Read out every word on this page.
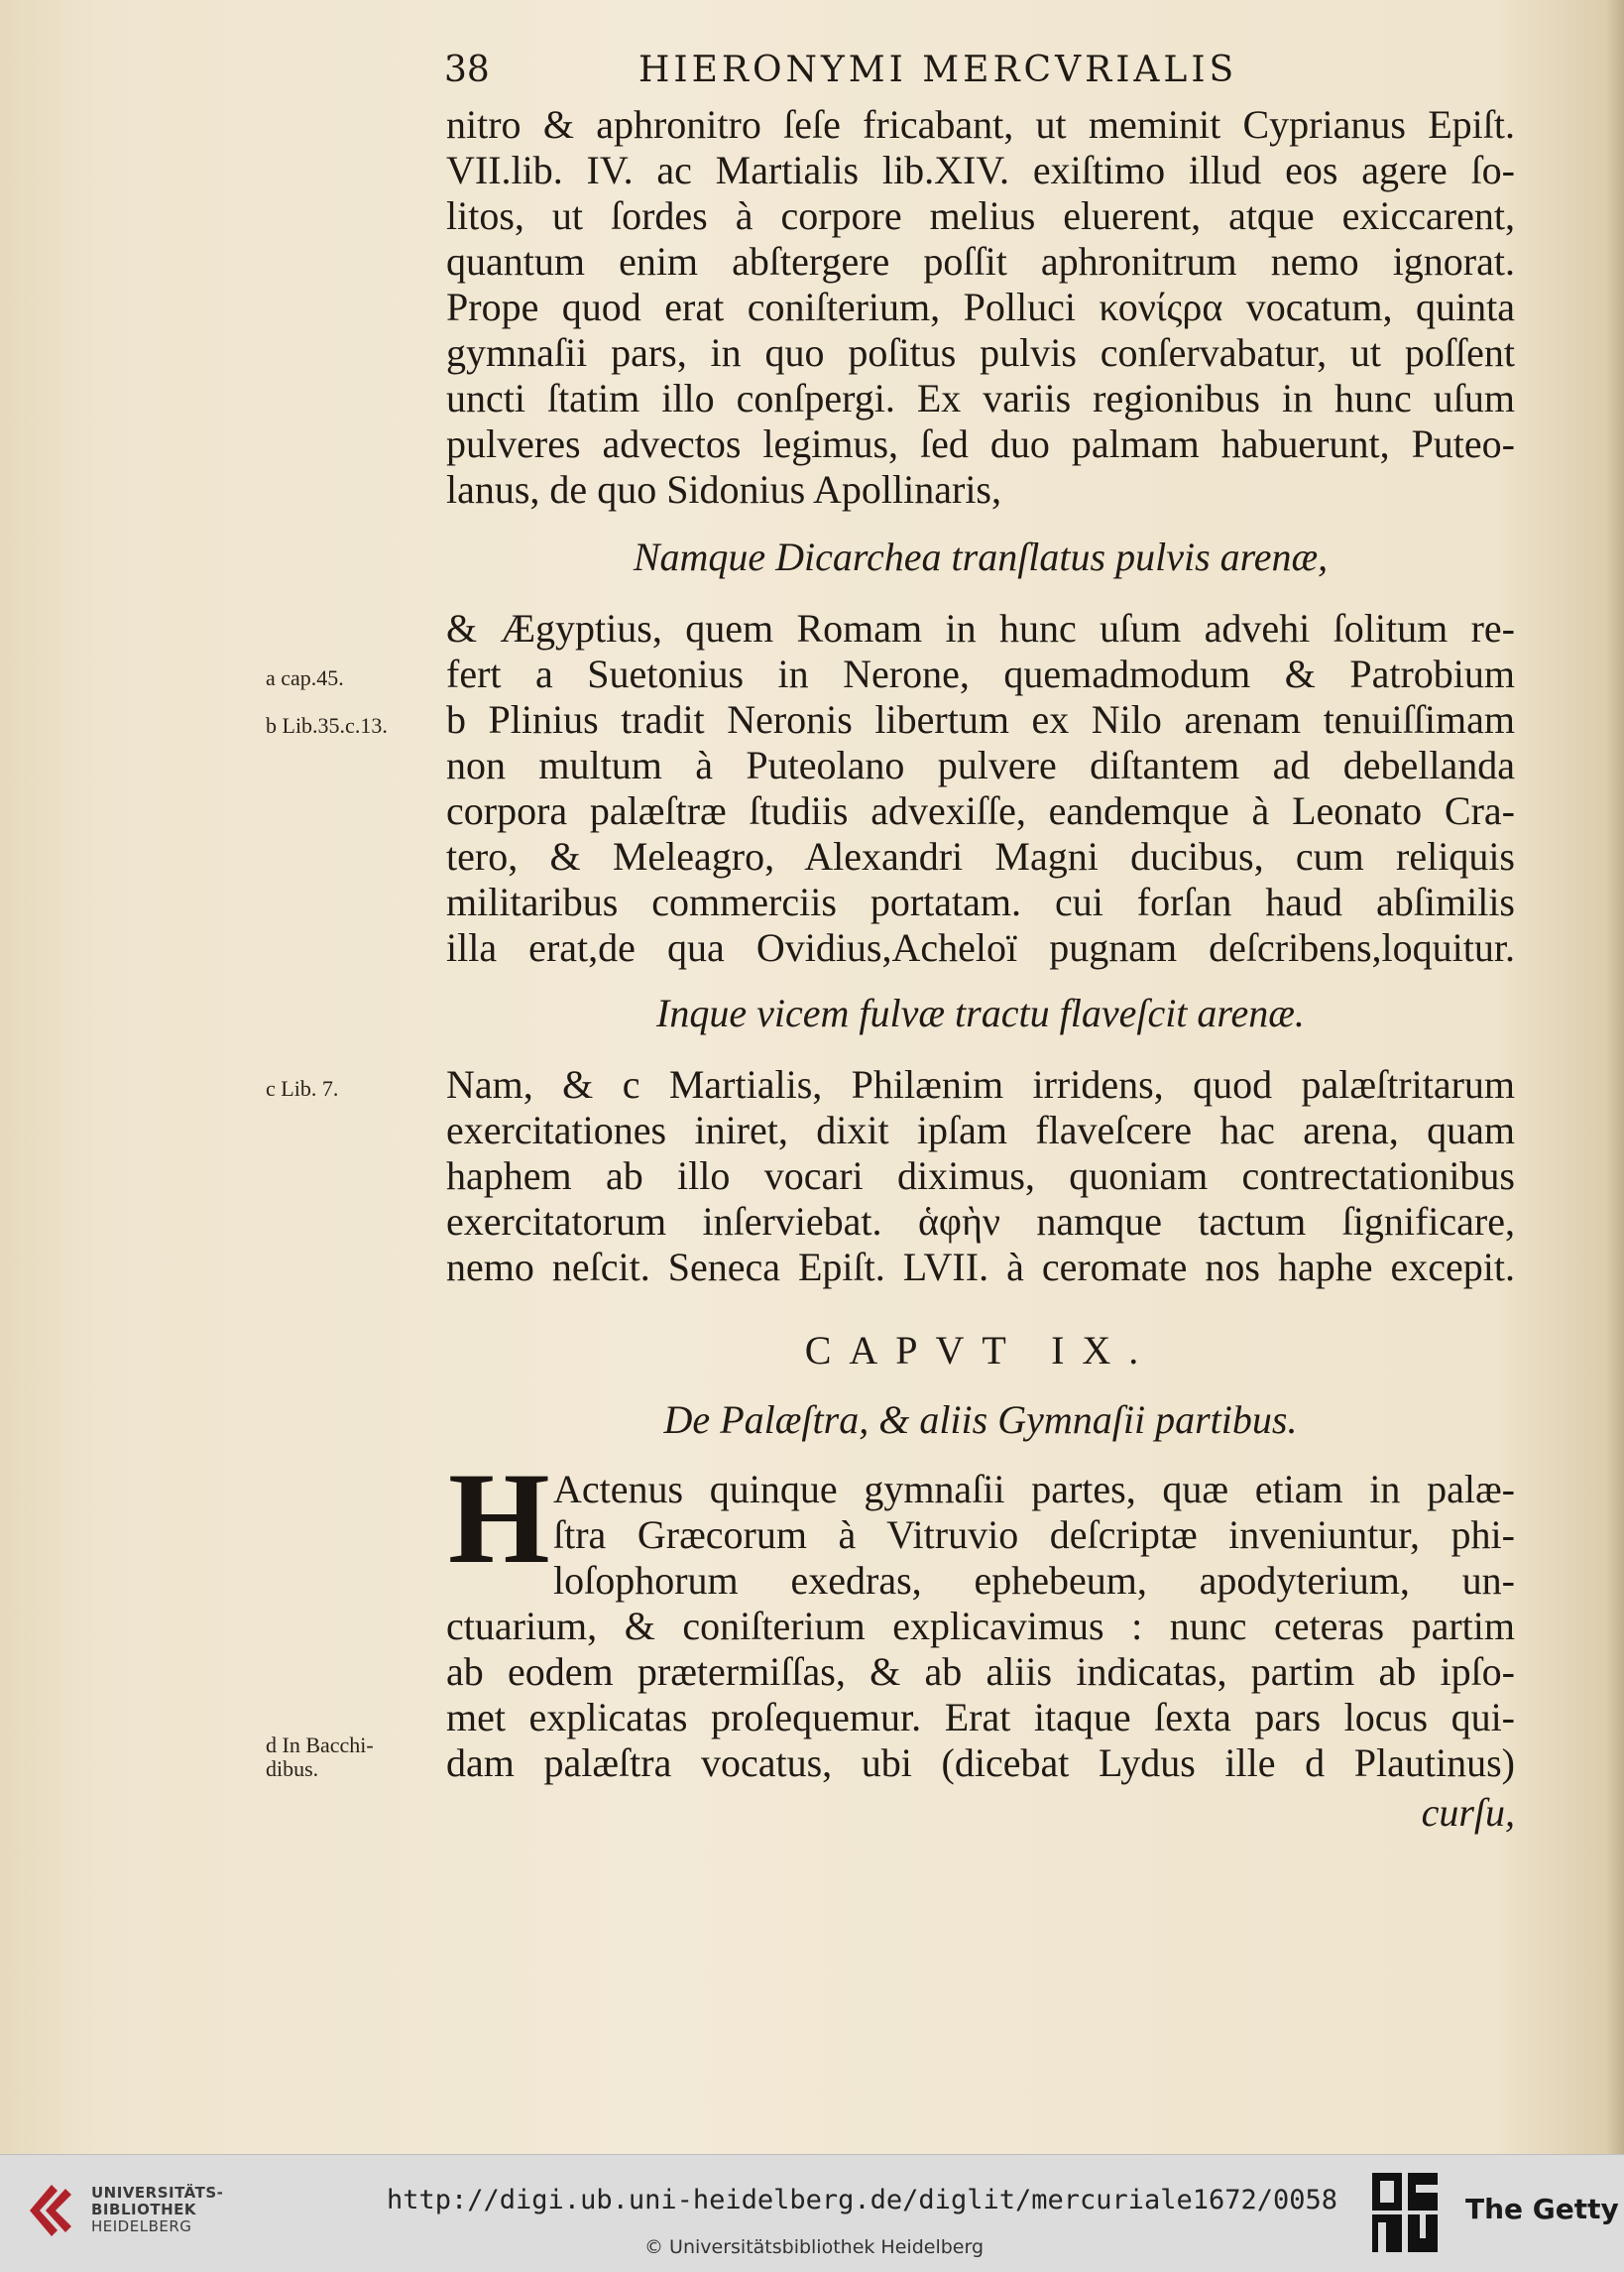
38	HIERONYMI MERCVRIALIS
nitro & aphronitro ſeſe fricabant, ut meminit Cyprianus Epiſt.
VII.lib. IV. ac Martialis lib.XIV. exiſtimo illud eos agere ſo-
litos, ut ſordes à corpore melius eluerent, atque exiccarent,
quantum enim abſtergere poſſit aphronitrum nemo ignorat.
Prope quod erat coniſterium, Polluci κονίςρα vocatum, quinta
gymnaſii pars, in quo poſitus pulvis conſervabatur, ut poſſent
uncti ſtatim illo conſpergi. Ex variis regionibus in hunc uſum
pulveres advectos legimus, ſed duo palmam habuerunt, Puteo-
lanus, de quo Sidonius Apollinaris,
Namque Dicarchea tranſlatus pulvis arenæ,
& Ægyptius, quem Romam in hunc uſum advehi ſolitum re-
fert a Suetonius in Nerone, quemadmodum & Patrobium
b Plinius tradit Neronis libertum ex Nilo arenam tenuiſſimam
non multum à Puteolano pulvere diſtantem ad debellanda
corpora palæſtræ ſtudiis advexiſſe, eandemque à Leonato Cra-
tero, & Meleagro, Alexandri Magni ducibus, cum reliquis
militaribus commerciis portatam. cui forſan haud abſimilis
illa erat,de qua Ovidius,Acheloï pugnam deſcribens,loquitur.
Inque vicem fulvæ tractu flaveſcit arenæ.
Nam, & c Martialis, Philænim irridens, quod palæſtritarum
exercitationes iniret, dixit ipſam flaveſcere hac arena, quam
haphem ab illo vocari diximus, quoniam contrectationibus
exercitatorum inſerviebat. ἁφὴν namque tactum ſignificare,
nemo neſcit. Seneca Epiſt. LVII. à ceromate nos haphe excepit.
CAPVT IX.
De Palæſtra, & aliis Gymnaſii partibus.
Actenus quinque gymnaſii partes, quæ etiam in palæ-
ſtra Græcorum à Vitruvio deſcriptæ inveniuntur, phi-
loſophorum exedras, ephebeum, apodyterium, un-
ctuarium, & coniſterium explicavimus : nunc ceteras partim
ab eodem prætermiſſas, & ab aliis indicatas, partim ab ipſo-
met explicatas proſequemur. Erat itaque ſexta pars locus qui-
dam palæſtra vocatus, ubi (dicebat Lydus ille d Plautinus)
curſu,
H
a cap.45.
b Lib.35.c.13.
c Lib. 7.
d In Bacchi-dibus.
UNIVERSITÄTS-
BIBLIOTHEK
HEIDELBERG
http://digi.ub.uni-heidelberg.de/diglit/mercuriale1672/0058
© Universitätsbibliothek Heidelberg
The Getty
